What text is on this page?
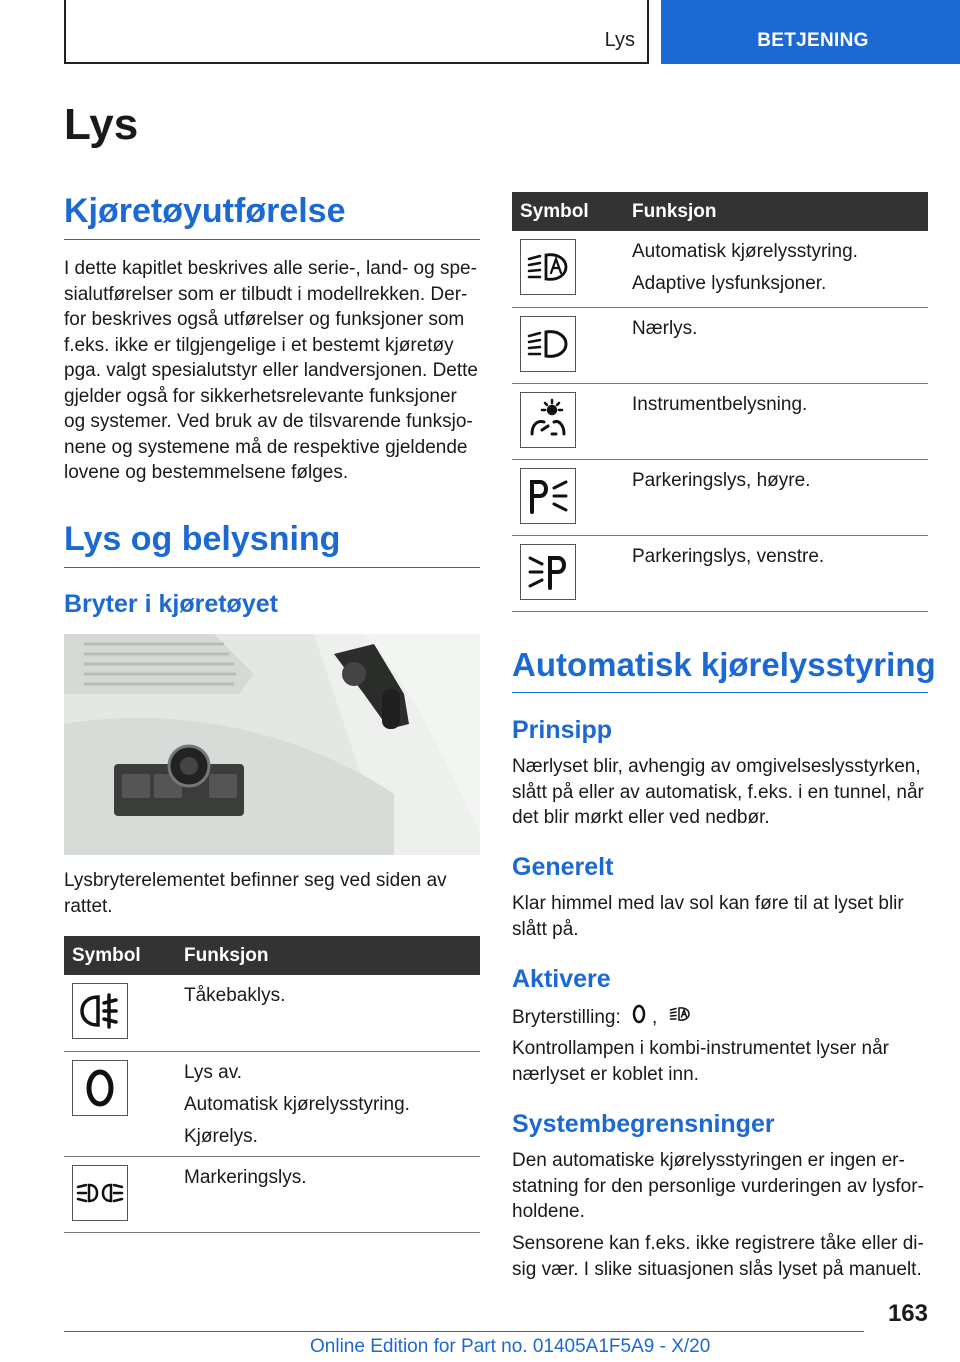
Lys	BETJENING
Lys
Kjøretøyutførelse

I dette kapitlet beskrives alle serie-, land- og spe-sialutførelser som er tilbudt i modellrekken. Der-for beskrives også utførelser og funksjoner som f.eks. ikke er tilgjengelige i et bestemt kjøretøy pga. valgt spesialutstyr eller landversjonen. Dette gjelder også for sikkerhetsrelevante funksjoner og systemer. Ved bruk av de tilsvarende funksjo-nene og systemene må de respektive gjeldende lovene og bestemmelsene følges.

Lys og belysning
Bryter i kjøretøyet

Lysbryterelementet befinner seg ved siden av rattet.

Symbol	Funksjon

Tåkebaklys.

Lys av.
Automatisk kjørelysstyring.
Kjørelys.

Markeringslys.
Symbol	Funksjon

Automatisk kjørelysstyring.
Adaptive lysfunksjoner.

Nærlys.

Instrumentbelysning.

Parkeringslys, høyre.

Parkeringslys, venstre.
Automatisk kjørelysstyring
Prinsipp

Nærlyset blir, avhengig av omgivelseslysstyrken, slått på eller av automatisk, f.eks. i en tunnel, når det blir mørkt eller ved nedbør.

Generelt

Klar himmel med lav sol kan føre til at lyset blir slått på.

Aktivere

Bryterstilling: ,

Kontrollampen i kombi-instrumentet lyser når nærlyset er koblet inn.

Systembegrensninger

Den automatiske kjørelysstyringen er ingen er-statning for den personlige vurderingen av lysfor-holdene.

Sensorene kan f.eks. ikke registrere tåke eller di-sig vær. I slike situasjonen slås lyset på manuelt.

163
Online Edition for Part no. 01405A1F5A9 - X/20
